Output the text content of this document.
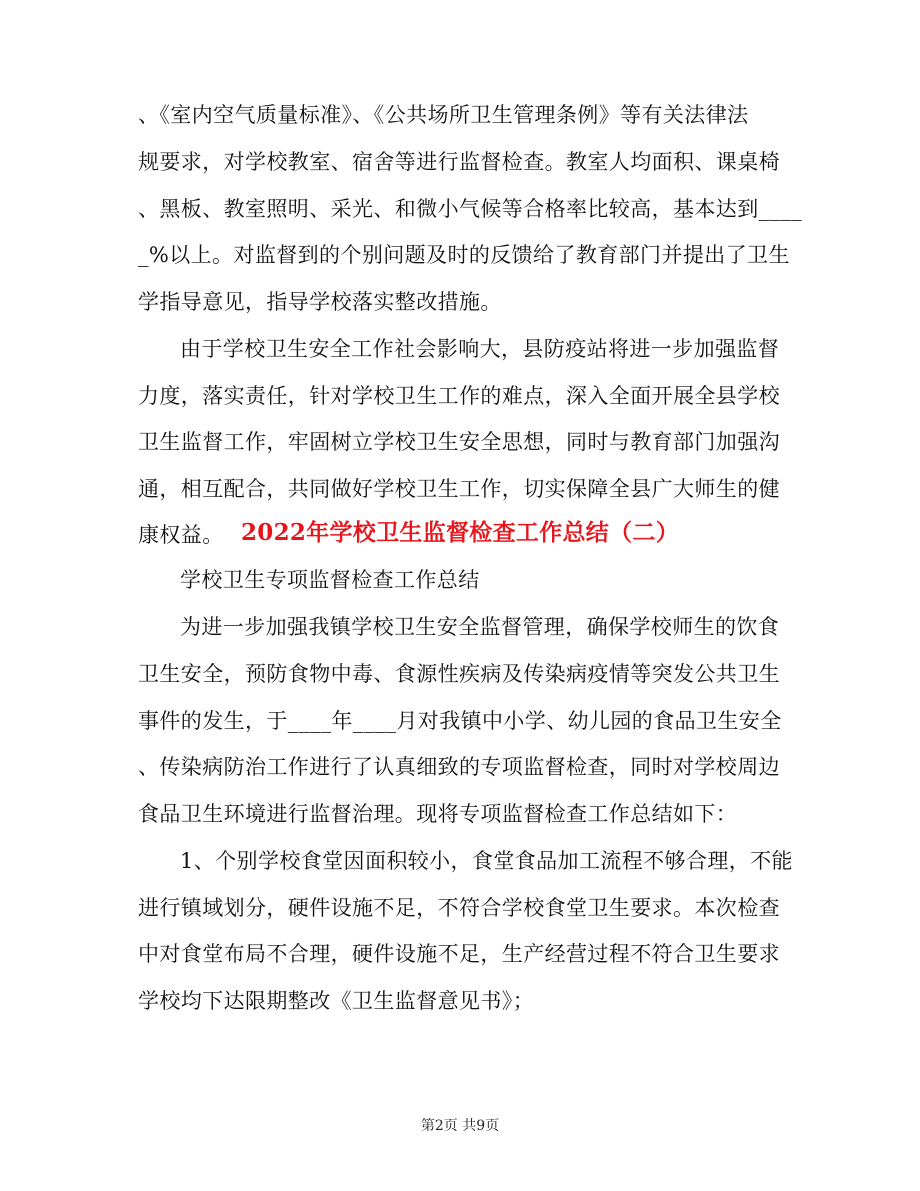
、《室内空气质量标准》、《公共场所卫生管理条例》等有关法律法
规要求，对学校教室、宿舍等进行监督检查。教室人均面积、课桌椅
、黑板、教室照明、采光、和微小气候等合格率比较高，基本达到____
_%以上。对监督到的个别问题及时的反馈给了教育部门并提出了卫生
学指导意见，指导学校落实整改措施。
由于学校卫生安全工作社会影响大，县防疫站将进一步加强监督
力度，落实责任，针对学校卫生工作的难点，深入全面开展全县学校
卫生监督工作，牢固树立学校卫生安全思想，同时与教育部门加强沟
通，相互配合，共同做好学校卫生工作，切实保障全县广大师生的健
康权益。 2022年学校卫生监督检查工作总结（二）
学校卫生专项监督检查工作总结
为进一步加强我镇学校卫生安全监督管理，确保学校师生的饮食
卫生安全，预防食物中毒、食源性疾病及传染病疫情等突发公共卫生
事件的发生，于____年____月对我镇中小学、幼儿园的食品卫生安全
、传染病防治工作进行了认真细致的专项监督检查，同时对学校周边
食品卫生环境进行监督治理。现将专项监督检查工作总结如下：
1、个别学校食堂因面积较小，食堂食品加工流程不够合理，不能
进行镇域划分，硬件设施不足，不符合学校食堂卫生要求。本次检查
中对食堂布局不合理，硬件设施不足，生产经营过程不符合卫生要求
学校均下达限期整改《卫生监督意见书》；
第2页 共9页
